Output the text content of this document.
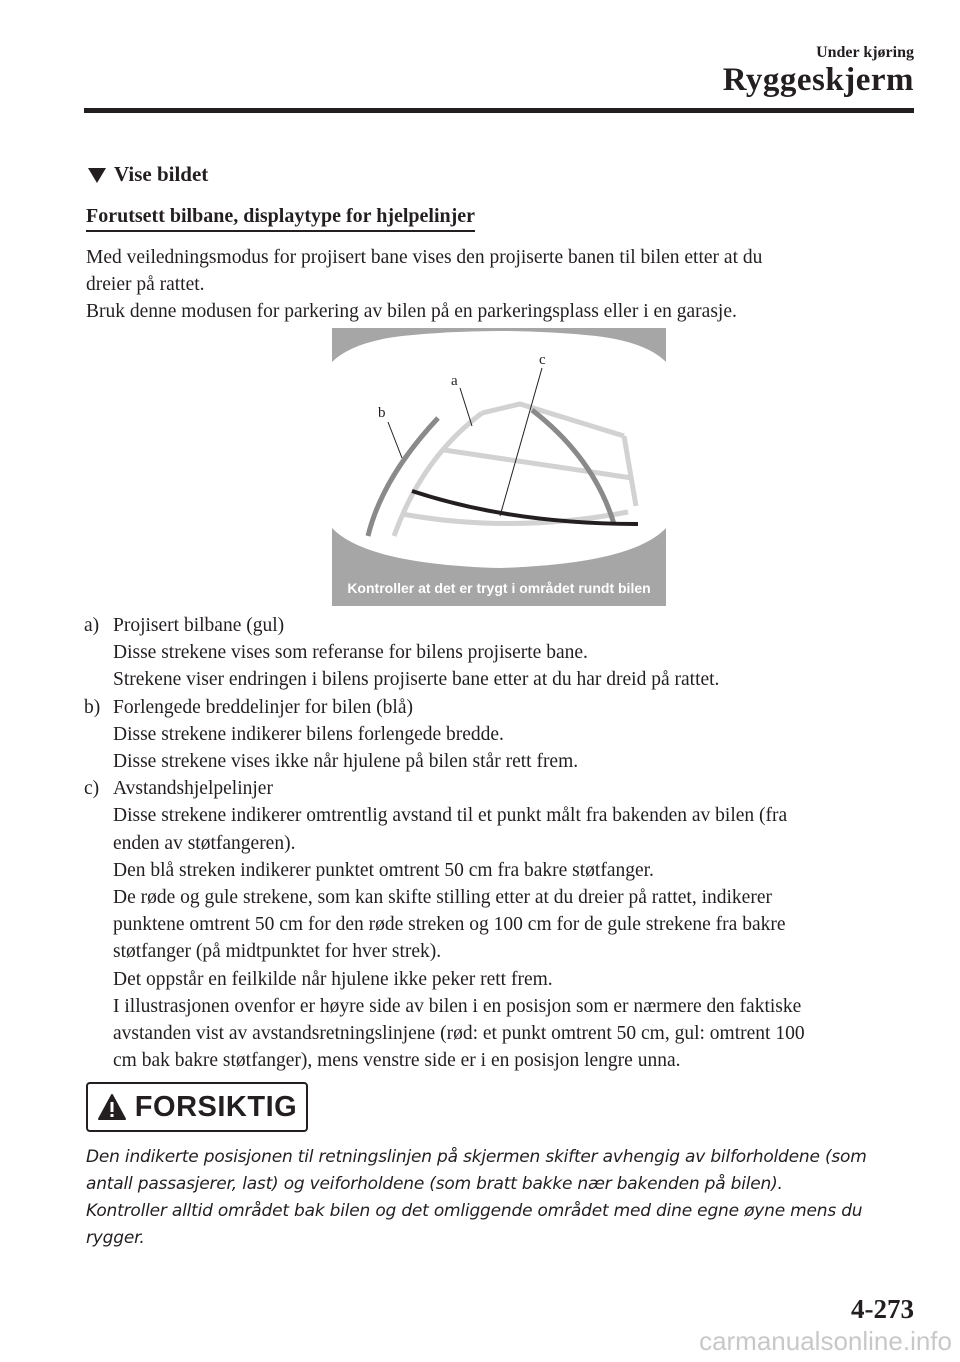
Under kjøring
Ryggeskjerm
Vise bildet
Forutsett bilbane, displaytype for hjelpelinjer

Med veiledningsmodus for projisert bane vises den projiserte banen til bilen etter at du

dreier på rattet.

Bruk denne modusen for parkering av bilen på en parkeringsplass eller i en garasje.

a
b
c
Kontroller at det er trygt i området rundt bilen
a) Projisert bilbane (gul)
Disse strekene vises som referanse for bilens projiserte bane.
Strekene viser endringen i bilens projiserte bane etter at du har dreid på rattet.
b) Forlengede breddelinjer for bilen (blå)
Disse strekene indikerer bilens forlengede bredde.
Disse strekene vises ikke når hjulene på bilen står rett frem.
c) Avstandshjelpelinjer
Disse strekene indikerer omtrentlig avstand til et punkt målt fra bakenden av bilen (fra
enden av støtfangeren).
Den blå streken indikerer punktet omtrent 50 cm fra bakre støtfanger.
De røde og gule strekene, som kan skifte stilling etter at du dreier på rattet, indikerer
punktene omtrent 50 cm for den røde streken og 100 cm for de gule strekene fra bakre
støtfanger (på midtpunktet for hver strek).
Det oppstår en feilkilde når hjulene ikke peker rett frem.
I illustrasjonen ovenfor er høyre side av bilen i en posisjon som er nærmere den faktiske
avstanden vist av avstandsretningslinjene (rød: et punkt omtrent 50 cm, gul: omtrent 100
cm bak bakre støtfanger), mens venstre side er i en posisjon lengre unna.
FORSIKTIG

Den indikerte posisjonen til retningslinjen på skjermen skifter avhengig av bilforholdene (som

antall passasjerer, last) og veiforholdene (som bratt bakke nær bakenden på bilen).

Kontroller alltid området bak bilen og det omliggende området med dine egne øyne mens du

rygger.

4-273
carmanualsonline.info
